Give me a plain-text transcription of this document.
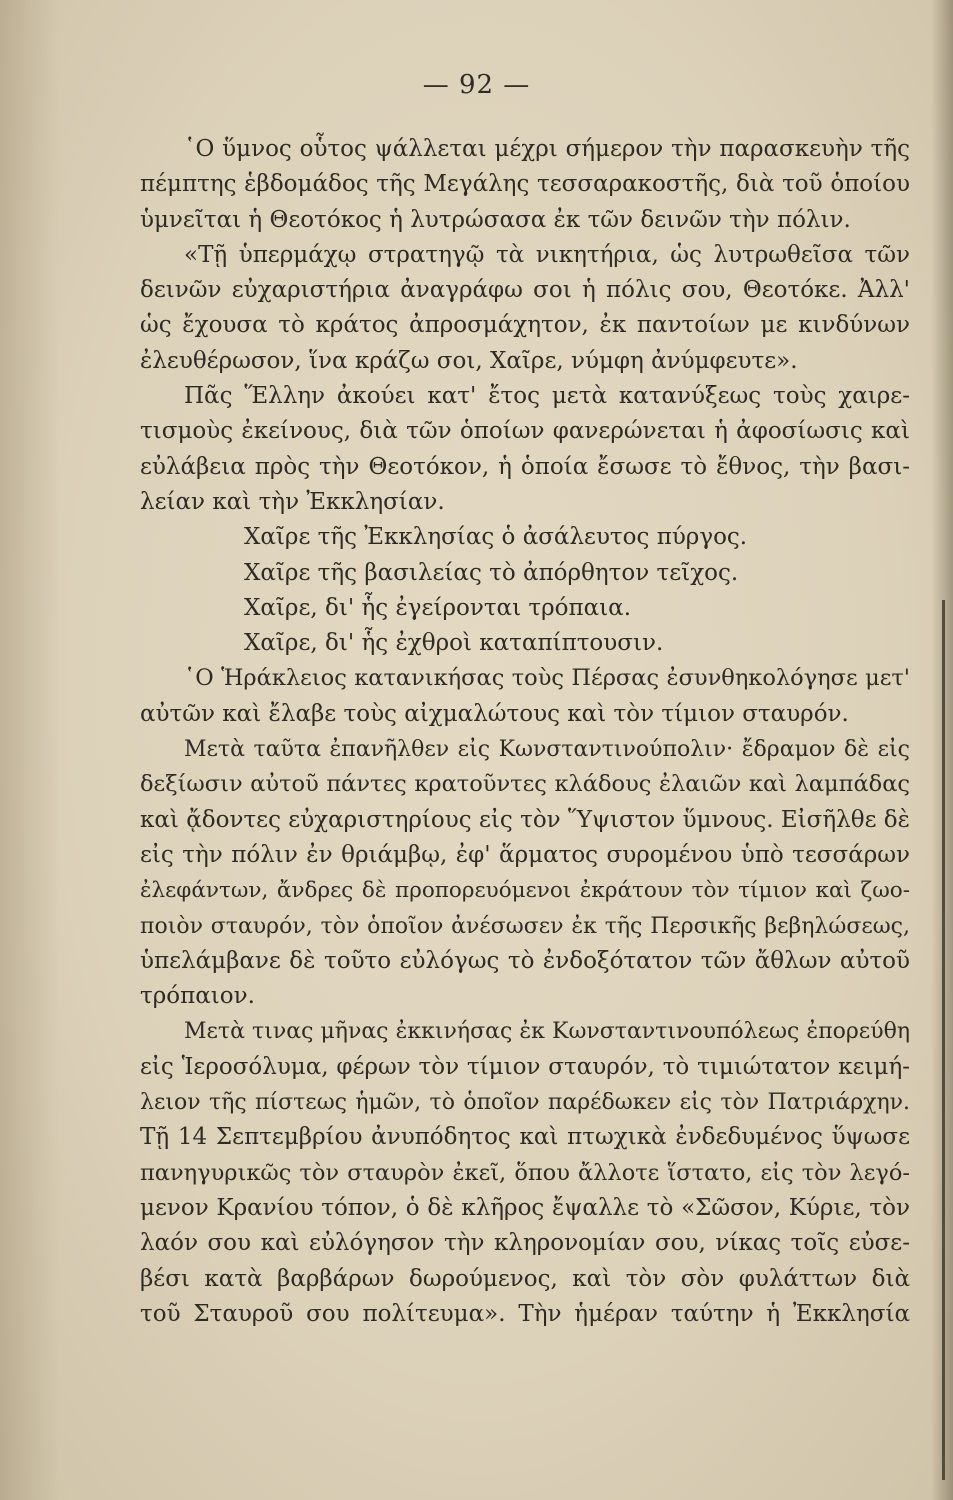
— 92 —
῾Ο ὕμνος οὗτος ψάλλεται μέχρι σήμερον τὴν παρασκευὴν τῆς
πέμπτης ἑβδομάδος τῆς Μεγάλης τεσσαρακοστῆς, διὰ τοῦ ὁποίου
ὑμνεῖται ἡ Θεοτόκος ἡ λυτρώσασα ἐκ τῶν δεινῶν τὴν πόλιν.
«Τῇ ὑπερμάχῳ στρατηγῷ τὰ νικητήρια, ὡς λυτρωθεῖσα τῶν
δεινῶν εὐχαριστήρια ἀναγράφω σοι ἡ πόλις σου, Θεοτόκε. Ἀλλ'
ὡς ἔχουσα τὸ κράτος ἀπροσμάχητον, ἐκ παντοίων με κινδύνων
ἐλευθέρωσον, ἵνα κράζω σοι, Χαῖρε, νύμφη ἀνύμφευτε».
Πᾶς Ἕλλην ἀκούει κατ' ἔτος μετὰ κατανύξεως τοὺς χαιρε-
τισμοὺς ἐκείνους, διὰ τῶν ὁποίων φανερώνεται ἡ ἀφοσίωσις καὶ
εὐλάβεια πρὸς τὴν Θεοτόκον, ἡ ὁποία ἔσωσε τὸ ἔθνος, τὴν βασι-
λείαν καὶ τὴν Ἐκκλησίαν.
Χαῖρε τῆς Ἐκκλησίας ὁ ἀσάλευτος πύργος.
Χαῖρε τῆς βασιλείας τὸ ἀπόρθητον τεῖχος.
Χαῖρε, δι' ἧς ἐγείρονται τρόπαια.
Χαῖρε, δι' ἧς ἐχθροὶ καταπίπτουσιν.
῾Ο Ἡράκλειος κατανικήσας τοὺς Πέρσας ἐσυνθηκολόγησε μετ'
αὐτῶν καὶ ἔλαβε τοὺς αἰχμαλώτους καὶ τὸν τίμιον σταυρόν.
Μετὰ ταῦτα ἐπανῆλθεν εἰς Κωνσταντινούπολιν· ἔδραμον δὲ εἰς
δεξίωσιν αὐτοῦ πάντες κρατοῦντες κλάδους ἐλαιῶν καὶ λαμπάδας
καὶ ᾄδοντες εὐχαριστηρίους εἰς τὸν Ὕψιστον ὕμνους. Εἰσῆλθε δὲ
εἰς τὴν πόλιν ἐν θριάμβῳ, ἐφ' ἅρματος συρομένου ὑπὸ τεσσάρων
ἐλεφάντων, ἄνδρες δὲ προπορευόμενοι ἐκράτουν τὸν τίμιον καὶ ζωο-
ποιὸν σταυρόν, τὸν ὁποῖον ἀνέσωσεν ἐκ τῆς Περσικῆς βεβηλώσεως,
ὑπελάμβανε δὲ τοῦτο εὐλόγως τὸ ἐνδοξότατον τῶν ἄθλων αὐτοῦ
τρόπαιον.
Μετὰ τινας μῆνας ἐκκινήσας ἐκ Κωνσταντινουπόλεως ἐπορεύθη
εἰς Ἱεροσόλυμα, φέρων τὸν τίμιον σταυρόν, τὸ τιμιώτατον κειμή-
λειον τῆς πίστεως ἡμῶν, τὸ ὁποῖον παρέδωκεν εἰς τὸν Πατριάρχην.
Τῇ 14 Σεπτεμβρίου ἀνυπόδητος καὶ πτωχικὰ ἐνδεδυμένος ὕψωσε
πανηγυρικῶς τὸν σταυρὸν ἐκεῖ, ὅπου ἄλλοτε ἵστατο, εἰς τὸν λεγό-
μενον Κρανίου τόπον, ὁ δὲ κλῆρος ἔψαλλε τὸ «Σῶσον, Κύριε, τὸν
λαόν σου καὶ εὐλόγησον τὴν κληρονομίαν σου, νίκας τοῖς εὐσε-
βέσι κατὰ βαρβάρων δωρούμενος, καὶ τὸν σὸν φυλάττων διὰ
τοῦ Σταυροῦ σου πολίτευμα». Τὴν ἡμέραν ταύτην ἡ Ἐκκλησία
